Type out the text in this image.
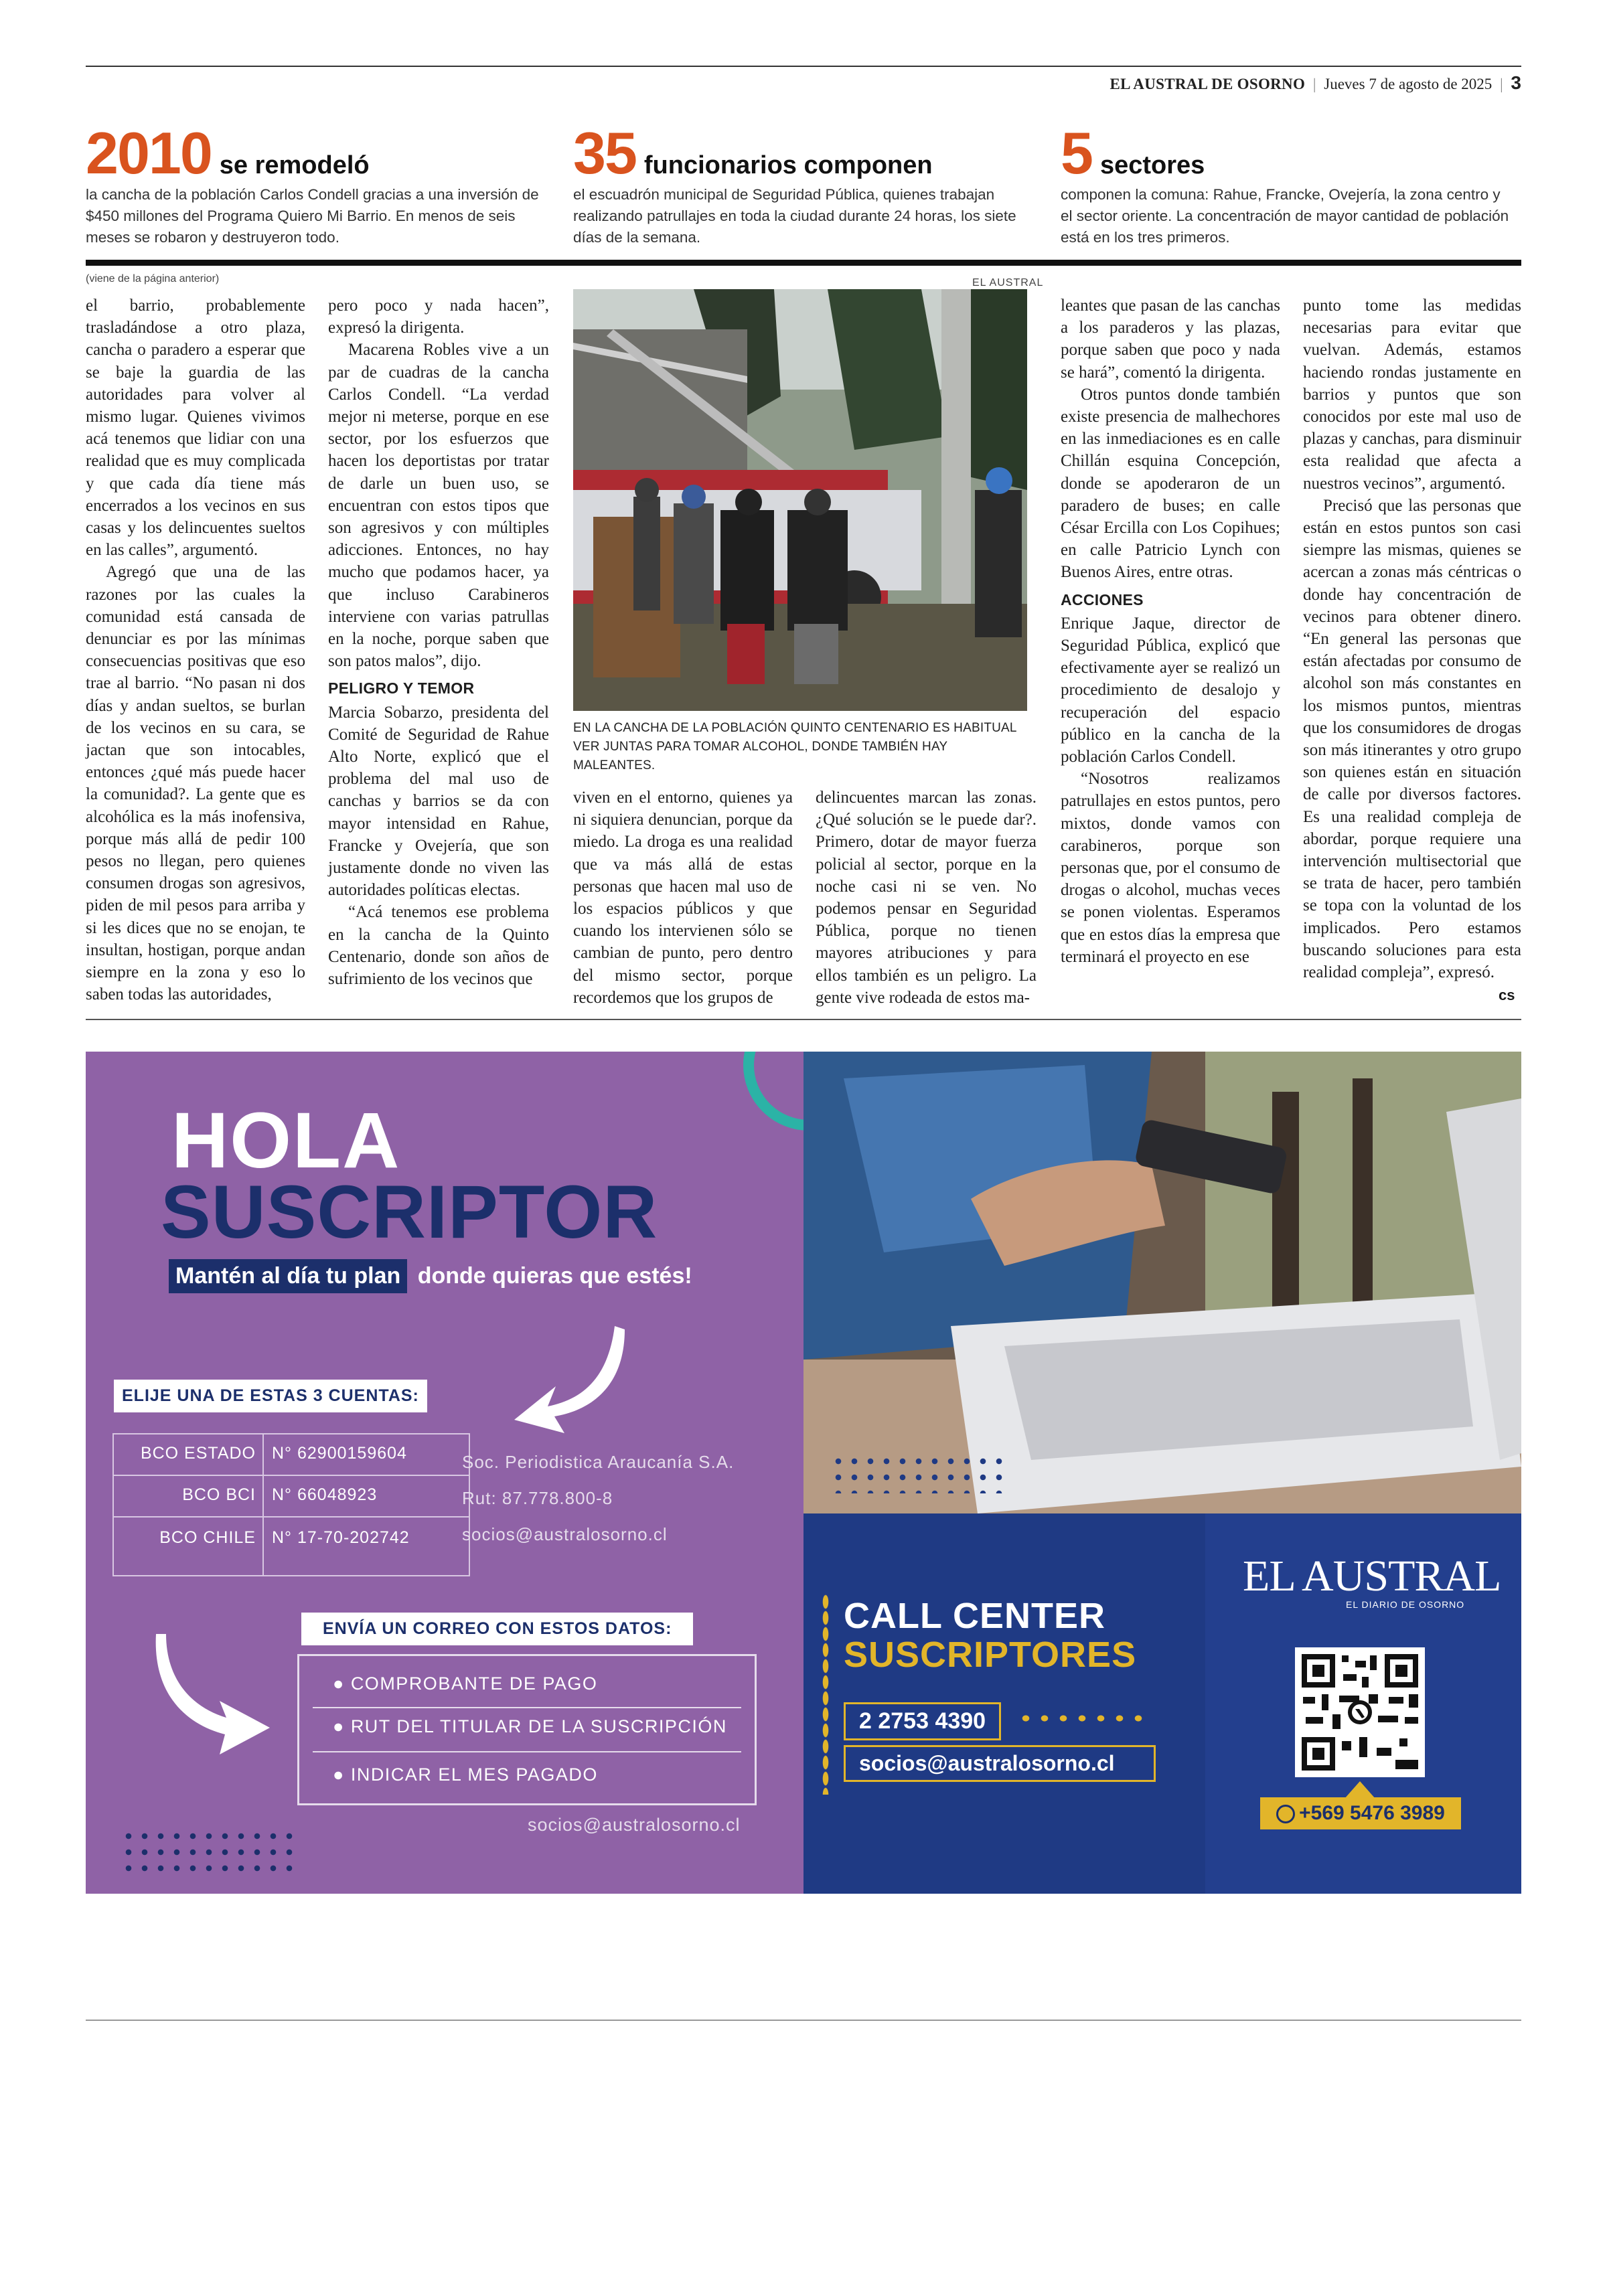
EL AUSTRAL DE OSORNO | Jueves 7 de agosto de 2025 | 3
2010 se remodeló
la cancha de la población Carlos Condell gracias a una inversión de $450 millones del Programa Quiero Mi Barrio. En menos de seis meses se robaron y destruyeron todo.
35 funcionarios componen
el escuadrón municipal de Seguridad Pública, quienes trabajan realizando patrullajes en toda la ciudad durante 24 horas, los siete días de la semana.
5 sectores
componen la comuna: Rahue, Francke, Ovejería, la zona centro y el sector oriente. La concentración de mayor cantidad de población está en los tres primeros.
(viene de la página anterior)	EL AUSTRAL

el barrio, probablemente trasladándose a otro plaza, cancha o paradero a esperar que se baje la guardia de las autoridades para volver al mismo lugar. Quienes vivimos acá tenemos que lidiar con una realidad que es muy complicada y que cada día tiene más encerrados a los vecinos en sus casas y los delincuentes sueltos en las calles”, argumentó.

Agregó que una de las razones por las cuales la comunidad está cansada de denunciar es por las mínimas consecuencias positivas que eso trae al barrio. “No pasan ni dos días y andan sueltos, se burlan de los vecinos en su cara, se jactan que son intocables, entonces ¿qué más puede hacer la comunidad?. La gente que es alcohólica es la más inofensiva, porque más allá de pedir 100 pesos no llegan, pero quienes consumen drogas son agresivos, piden de mil pesos para arriba y si les dices que no se enojan, te insultan, hostigan, porque andan siempre en la zona y eso lo saben todas las autoridades,

pero poco y nada hacen”, expresó la dirigenta.

Macarena Robles vive a un par de cuadras de la cancha Carlos Condell. “La verdad mejor ni meterse, porque en ese sector, por los esfuerzos que hacen los deportistas por tratar de darle un buen uso, se encuentran con estos tipos que son agresivos y con múltiples adicciones. Entonces, no hay mucho que podamos hacer, ya que incluso Carabineros interviene con varias patrullas en la noche, porque saben que son patos malos”, dijo.

PELIGRO Y TEMOR

Marcia Sobarzo, presidenta del Comité de Seguridad de Rahue Alto Norte, explicó que el problema del mal uso de canchas y barrios se da con mayor intensidad en Rahue, Francke y Ovejería, que son justamente donde no viven las autoridades políticas electas.

“Acá tenemos ese problema en la cancha de la Quinto Centenario, donde son años de sufrimiento de los vecinos que

EN LA CANCHA DE LA POBLACIÓN QUINTO CENTENARIO ES HABITUAL VER JUNTAS PARA TOMAR ALCOHOL, DONDE TAMBIÉN HAY MALEANTES.

viven en el entorno, quienes ya ni siquiera denuncian, porque da miedo. La droga es una realidad que va más allá de estas personas que hacen mal uso de los espacios públicos y que cuando los intervienen sólo se cambian de punto, pero dentro del mismo sector, porque recordemos que los grupos de

delincuentes marcan las zonas. ¿Qué solución se le puede dar?. Primero, dotar de mayor fuerza policial al sector, porque en la noche casi ni se ven. No podemos pensar en Seguridad Pública, porque no tienen mayores atribuciones y para ellos también es un peligro. La gente vive rodeada de estos ma-

leantes que pasan de las canchas a los paraderos y las plazas, porque saben que poco y nada se hará”, comentó la dirigenta.

Otros puntos donde también existe presencia de malhechores en las inmediaciones es en calle Chillán esquina Concepción, donde se apoderaron de un paradero de buses; en calle César Ercilla con Los Copihues; en calle Patricio Lynch con Buenos Aires, entre otras.

ACCIONES

Enrique Jaque, director de Seguridad Pública, explicó que efectivamente ayer se realizó un procedimiento de desalojo y recuperación del espacio público en la cancha de la población Carlos Condell.

“Nosotros realizamos patrullajes en estos puntos, pero mixtos, donde vamos con carabineros, porque son personas que, por el consumo de drogas o alcohol, muchas veces se ponen violentas. Esperamos que en estos días la empresa que terminará el proyecto en ese

punto tome las medidas necesarias para evitar que vuelvan. Además, estamos haciendo rondas justamente en barrios y puntos que son conocidos por este mal uso de plazas y canchas, para disminuir esta realidad que afecta a nuestros vecinos”, argumentó.

Precisó que las personas que están en estos puntos son casi siempre las mismas, quienes se acercan a zonas más céntricas o donde hay concentración de vecinos para obtener dinero. “En general las personas que están afectadas por consumo de alcohol son más constantes en los mismos puntos, mientras que los consumidores de drogas son más itinerantes y otro grupo son quienes están en situación de calle por diversos factores. Es una realidad compleja de abordar, porque requiere una intervención multisectorial que se trata de hacer, pero también se topa con la voluntad de los implicados. Pero estamos buscando soluciones para esta realidad compleja”, expresó.

cs
HOLA
SUSCRIPTOR
Mantén al día tu plan donde quieras que estés!
ELIJE UNA DE ESTAS 3 CUENTAS:
BCO ESTADO N° 62900159604
BCO BCI N° 66048923
BCO CHILE N° 17-70-202742
Soc. Periodistica Araucanía S.A.
Rut: 87.778.800-8
socios@australosorno.cl
ENVÍA UN CORREO CON ESTOS DATOS:
● COMPROBANTE DE PAGO
● RUT DEL TITULAR DE LA SUSCRIPCIÓN
● INDICAR EL MES PAGADO
socios@australosorno.cl
CALL CENTER
SUSCRIPTORES
2 2753 4390
socios@australosorno.cl
EL AUSTRAL
EL DIARIO DE OSORNO
+569 5476 3989
